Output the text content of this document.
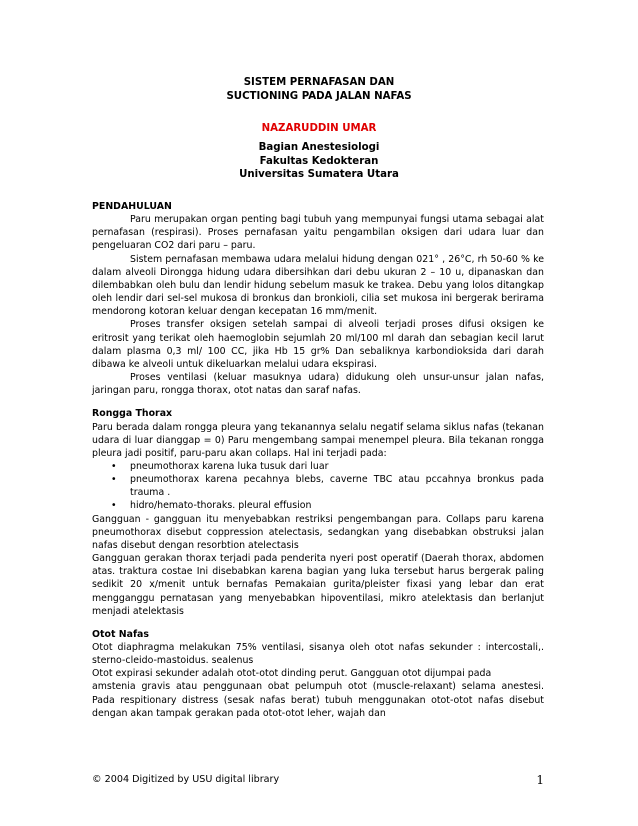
SISTEM PERNAFASAN DAN
SUCTIONING PADA JALAN NAFAS
NAZARUDDIN UMAR
Bagian Anestesiologi
Fakultas Kedokteran
Universitas Sumatera Utara
PENDAHULUAN

Paru merupakan organ penting bagi tubuh yang mempunyai fungsi utama sebagai alat pernafasan (respirasi). Proses pernafasan yaitu pengambilan oksigen dari udara luar dan pengeluaran CO2 dari paru – paru.

Sistem pernafasan membawa udara melalui hidung dengan 021° , 26°C, rh 50-60 % ke dalam alveoli Dirongga hidung udara dibersihkan dari debu ukuran 2 – 10 u, dipanaskan dan dilembabkan oleh bulu dan lendir hidung sebelum masuk ke trakea. Debu yang lolos ditangkap oleh lendir dari sel-sel mukosa di bronkus dan bronkioli, cilia set mukosa ini bergerak berirama mendorong kotoran keluar dengan kecepatan 16 mm/menit.

Proses transfer oksigen setelah sampai di alveoli terjadi proses difusi oksigen ke eritrosit yang terikat oleh haemoglobin sejumlah 20 ml/100 ml darah dan sebagian kecil larut dalam plasma 0,3 ml/ 100 CC, jika Hb 15 gr% Dan sebaliknya karbondioksida dari darah dibawa ke alveoli untuk dikeluarkan melalui udara ekspirasi.

Proses ventilasi (keluar masuknya udara) didukung oleh unsur-unsur jalan nafas, jaringan paru, rongga thorax, otot natas dan saraf nafas.

Rongga Thorax

Paru berada dalam rongga pleura yang tekanannya selalu negatif selama siklus nafas (tekanan udara di luar dianggap = 0) Paru mengembang sampai menempel pleura. Bila tekanan rongga pleura jadi positif, paru-paru akan collaps. Hal ini terjadi pada:

• pneumothorax karena luka tusuk dari luar
• pneumothorax karena pecahnya blebs, caverne TBC atau pccahnya bronkus pada trauma .
• hidro/hemato-thoraks. pleural effusion

Gangguan - gangguan itu menyebabkan restriksi pengembangan para. Collaps paru karena pneumothorax disebut coppression atelectasis, sedangkan yang disebabkan obstruksi jalan nafas disebut dengan resorbtion atelectasis

Gangguan gerakan thorax terjadi pada penderita nyeri post operatif (Daerah thorax, abdomen atas. traktura costae Ini disebabkan karena bagian yang luka tersebut harus bergerak paling sedikit 20 x/menit untuk bernafas Pemakaian gurita/pleister fixasi yang lebar dan erat mengganggu pernatasan yang menyebabkan hipoventilasi, mikro atelektasis dan berlanjut menjadi atelektasis

Otot Nafas

Otot diaphragma melakukan 75% ventilasi, sisanya oleh otot nafas sekunder : intercostali,. sterno-cleido-mastoidus. sealenus

Otot expirasi sekunder adalah otot-otot dinding perut. Gangguan otot dijumpai pada

amstenia gravis atau penggunaan obat pelumpuh otot (muscle-relaxant) selama anestesi. Pada respitionary distress (sesak nafas berat) tubuh menggunakan otot-otot nafas disebut dengan akan tampak gerakan pada otot-otot leher, wajah dan

© 2004 Digitized by USU digital library	1
